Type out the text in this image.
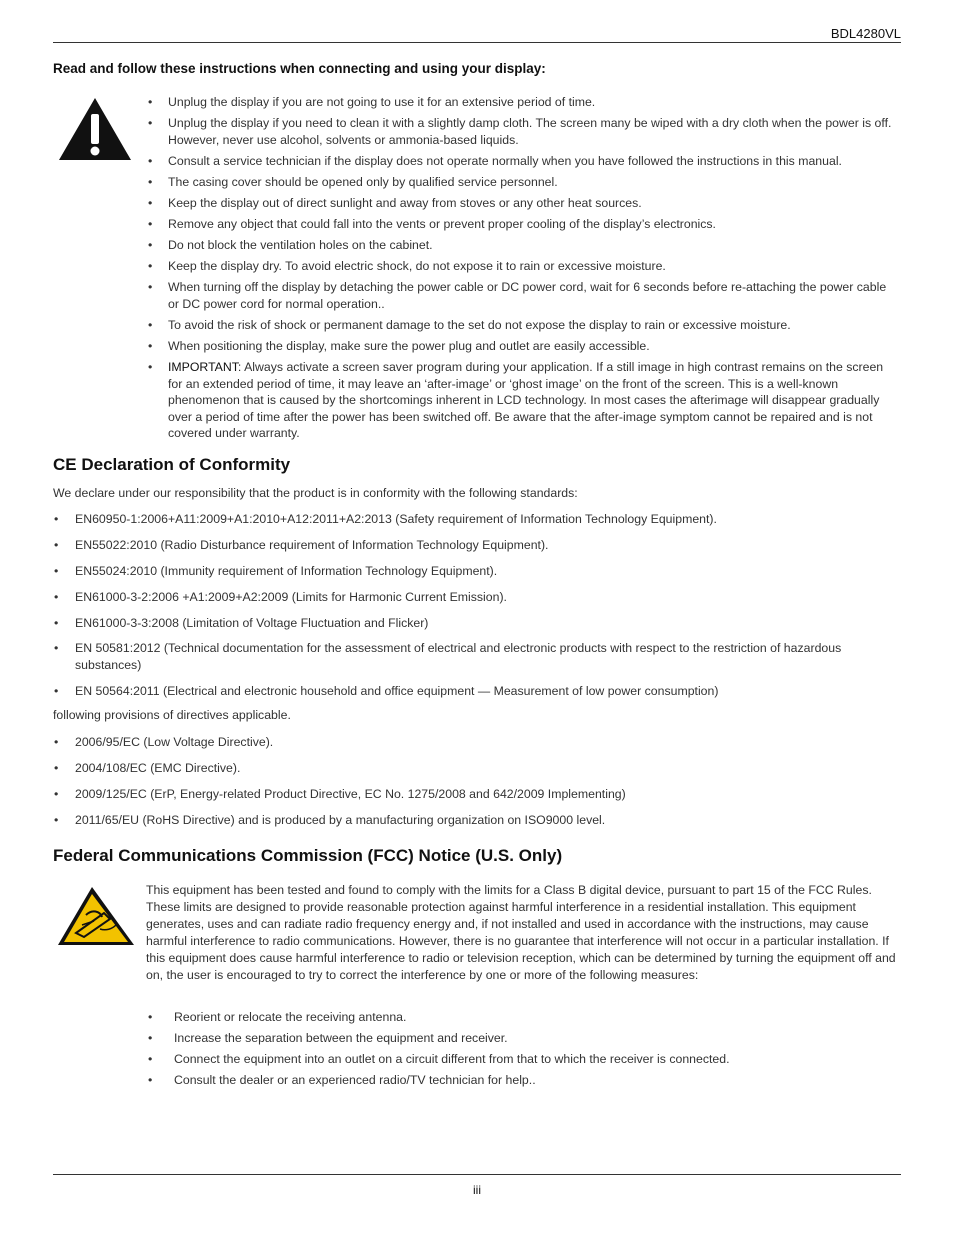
BDL4280VL
Read and follow these instructions when connecting and using your display:
• Unplug the display if you are not going to use it for an extensive period of time.
• Unplug the display if you need to clean it with a slightly damp cloth. The screen many be wiped with a dry cloth when the power is off. However, never use alcohol, solvents or ammonia-based liquids.
• Consult a service technician if the display does not operate normally when you have followed the instructions in this manual.
• The casing cover should be opened only by qualified service personnel.
• Keep the display out of direct sunlight and away from stoves or any other heat sources.
• Remove any object that could fall into the vents or prevent proper cooling of the display’s electronics.
• Do not block the ventilation holes on the cabinet.
• Keep the display dry. To avoid electric shock, do not expose it to rain or excessive moisture.
• When turning off the display by detaching the power cable or DC power cord, wait for 6 seconds before re-attaching the power cable or DC power cord for normal operation..
• To avoid the risk of shock or permanent damage to the set do not expose the display to rain or excessive moisture.
• When positioning the display, make sure the power plug and outlet are easily accessible.
• IMPORTANT: Always activate a screen saver program during your application. If a still image in high contrast remains on the screen for an extended period of time, it may leave an ‘after-image’ or ‘ghost image’ on the front of the screen. This is a well-known phenomenon that is caused by the shortcomings inherent in LCD technology. In most cases the afterimage will disappear gradually over a period of time after the power has been switched off. Be aware that the after-image symptom cannot be repaired and is not covered under warranty.
CE Declaration of Conformity
We declare under our responsibility that the product is in conformity with the following standards:
• EN60950-1:2006+A11:2009+A1:2010+A12:2011+A2:2013 (Safety requirement of Information Technology Equipment).
• EN55022:2010 (Radio Disturbance requirement of Information Technology Equipment).
• EN55024:2010 (Immunity requirement of Information Technology Equipment).
• EN61000-3-2:2006 +A1:2009+A2:2009 (Limits for Harmonic Current Emission).
• EN61000-3-3:2008 (Limitation of Voltage Fluctuation and Flicker)
• EN 50581:2012 (Technical documentation for the assessment of electrical and electronic products with respect to the restriction of hazardous substances)
• EN 50564:2011 (Electrical and electronic household and office equipment — Measurement of low power consumption)
following provisions of directives applicable.
• 2006/95/EC (Low Voltage Directive).
• 2004/108/EC (EMC Directive).
• 2009/125/EC (ErP, Energy-related Product Directive, EC No. 1275/2008 and 642/2009 Implementing)
• 2011/65/EU (RoHS Directive) and is produced by a manufacturing organization on ISO9000 level.
Federal Communications Commission (FCC) Notice (U.S. Only)

This equipment has been tested and found to comply with the limits for a Class B digital device, pursuant to part 15 of the FCC Rules. These limits are designed to provide reasonable protection against harmful interference in a residential installation. This equipment generates, uses and can radiate radio frequency energy and, if not installed and used in accordance with the instructions, may cause harmful interference to radio communications. However, there is no guarantee that interference will not occur in a particular installation. If this equipment does cause harmful interference to radio or television reception, which can be determined by turning the equipment off and on, the user is encouraged to try to correct the interference by one or more of the following measures:

• Reorient or relocate the receiving antenna.
• Increase the separation between the equipment and receiver.
• Connect the equipment into an outlet on a circuit different from that to which the receiver is connected.
• Consult the dealer or an experienced radio/TV technician for help..
iii
